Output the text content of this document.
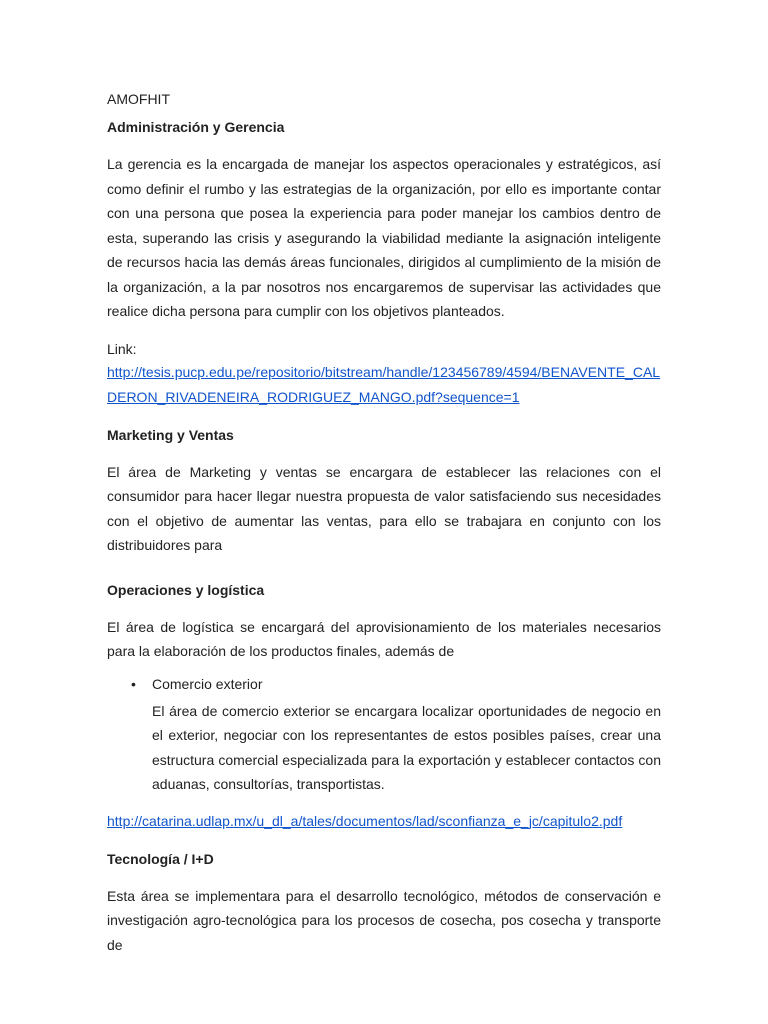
AMOFHIT
Administración y Gerencia

La gerencia es la encargada de manejar los aspectos operacionales y estratégicos, así como definir el rumbo y las estrategias de la organización, por ello es importante contar con una persona que posea la experiencia para poder manejar los cambios dentro de esta, superando las crisis y asegurando la viabilidad mediante la asignación inteligente de recursos hacia las demás áreas funcionales, dirigidos al cumplimiento de la misión de la organización, a la par nosotros nos encargaremos de supervisar las actividades que realice dicha persona para cumplir con los objetivos planteados.

Link:
http://tesis.pucp.edu.pe/repositorio/bitstream/handle/123456789/4594/BENAVENTE_CALDERON_RIVADENEIRA_RODRIGUEZ_MANGO.pdf?sequence=1
Marketing y Ventas

El área de Marketing y ventas se encargara de establecer las relaciones con el consumidor para hacer llegar nuestra propuesta de valor satisfaciendo sus necesidades con el objetivo de aumentar las ventas, para ello se trabajara en conjunto con los distribuidores para

Operaciones y logística

El área de logística se encargará del aprovisionamiento de los materiales necesarios para la elaboración de los productos finales, además de

• Comercio exterior

El área de comercio exterior se encargara localizar oportunidades de negocio en el exterior, negociar con los representantes de estos posibles países, crear una estructura comercial especializada para la exportación y establecer contactos con aduanas, consultorías, transportistas.

http://catarina.udlap.mx/u_dl_a/tales/documentos/lad/sconfianza_e_jc/capitulo2.pdf
Tecnología / I+D

Esta área se implementara para el desarrollo tecnológico, métodos de conservación e investigación agro-tecnológica para los procesos de cosecha, pos cosecha y transporte de
